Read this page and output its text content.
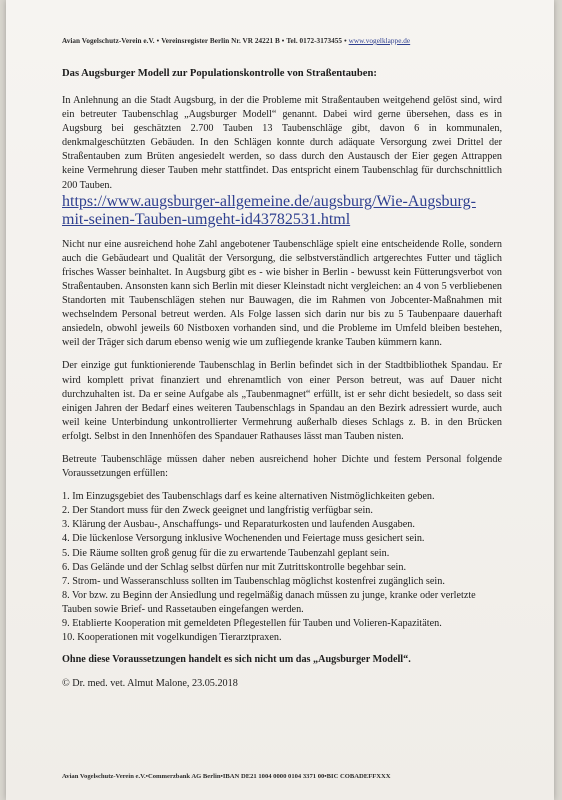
Avian Vogelschutz-Verein e.V. • Vereinsregister Berlin Nr. VR 24221 B • Tel. 0172-3173455 • www.vogelklappe.de
Das Augsburger Modell zur Populationskontrolle von Straßentauben:

In Anlehnung an die Stadt Augsburg, in der die Probleme mit Straßentauben weitgehend gelöst sind, wird ein betreuter Taubenschlag „Augsburger Modell“ genannt. Dabei wird gerne übersehen, dass es in Augsburg bei geschätzten 2.700 Tauben 13 Taubenschläge gibt, davon 6 in kommunalen, denkmalgeschützten Gebäuden. In den Schlägen konnte durch adäquate Versorgung zwei Drittel der Straßentauben zum Brüten angesiedelt werden, so dass durch den Austausch der Eier gegen Attrappen keine Vermehrung dieser Tauben mehr stattfindet. Das entspricht einem Taubenschlag für durchschnittlich 200 Tauben.

https://www.augsburger-allgemeine.de/augsburg/Wie-Augsburg-mit-seinen-Tauben-umgeht-id43782531.html

Nicht nur eine ausreichend hohe Zahl angebotener Taubenschläge spielt eine entscheidende Rolle, sondern auch die Gebäudeart und Qualität der Versorgung, die selbstverständlich artgerechtes Futter und täglich frisches Wasser beinhaltet. In Augsburg gibt es - wie bisher in Berlin - bewusst kein Fütterungsverbot von Straßentauben. Ansonsten kann sich Berlin mit dieser Kleinstadt nicht vergleichen: an 4 von 5 verbliebenen Standorten mit Taubenschlägen stehen nur Bauwagen, die im Rahmen von Jobcenter-Maßnahmen mit wechselndem Personal betreut werden. Als Folge lassen sich darin nur bis zu 5 Taubenpaare dauerhaft ansiedeln, obwohl jeweils 60 Nistboxen vorhanden sind, und die Probleme im Umfeld bleiben bestehen, weil der Träger sich darum ebenso wenig wie um zufliegende kranke Tauben kümmern kann.

Der einzige gut funktionierende Taubenschlag in Berlin befindet sich in der Stadtbibliothek Spandau. Er wird komplett privat finanziert und ehrenamtlich von einer Person betreut, was auf Dauer nicht durchzuhalten ist. Da er seine Aufgabe als „Taubenmagnet“ erfüllt, ist er sehr dicht besiedelt, so dass seit einigen Jahren der Bedarf eines weiteren Taubenschlags in Spandau an den Bezirk adressiert wurde, auch weil keine Unterbindung unkontrollierter Vermehrung außerhalb dieses Schlags z. B. in den Brücken erfolgt. Selbst in den Innenhöfen des Spandauer Rathauses lässt man Tauben nisten.

Betreute Taubenschläge müssen daher neben ausreichend hoher Dichte und festem Personal folgende Voraussetzungen erfüllen:

1. Im Einzugsgebiet des Taubenschlags darf es keine alternativen Nistmöglichkeiten geben.
2. Der Standort muss für den Zweck geeignet und langfristig verfügbar sein.
3. Klärung der Ausbau-, Anschaffungs- und Reparaturkosten und laufenden Ausgaben.
4. Die lückenlose Versorgung inklusive Wochenenden und Feiertage muss gesichert sein.
5. Die Räume sollten groß genug für die zu erwartende Taubenzahl geplant sein.
6. Das Gelände und der Schlag selbst dürfen nur mit Zutrittskontrolle begehbar sein.
7. Strom- und Wasseranschluss sollten im Taubenschlag möglichst kostenfrei zugänglich sein.
8. Vor bzw. zu Beginn der Ansiedlung und regelmäßig danach müssen zu junge, kranke oder verletzte Tauben sowie Brief- und Rassetauben eingefangen werden.
9. Etablierte Kooperation mit gemeldeten Pflegestellen für Tauben und Volieren-Kapazitäten.
10. Kooperationen mit vogelkundigen Tierarztpraxen.
Ohne diese Voraussetzungen handelt es sich nicht um das „Augsburger Modell“.
© Dr. med. vet. Almut Malone, 23.05.2018
Avian Vogelschutz-Verein e.V.•Commerzbank AG Berlin•IBAN DE21 1004 0000 0104 3371 00•BIC COBADEFFXXX
